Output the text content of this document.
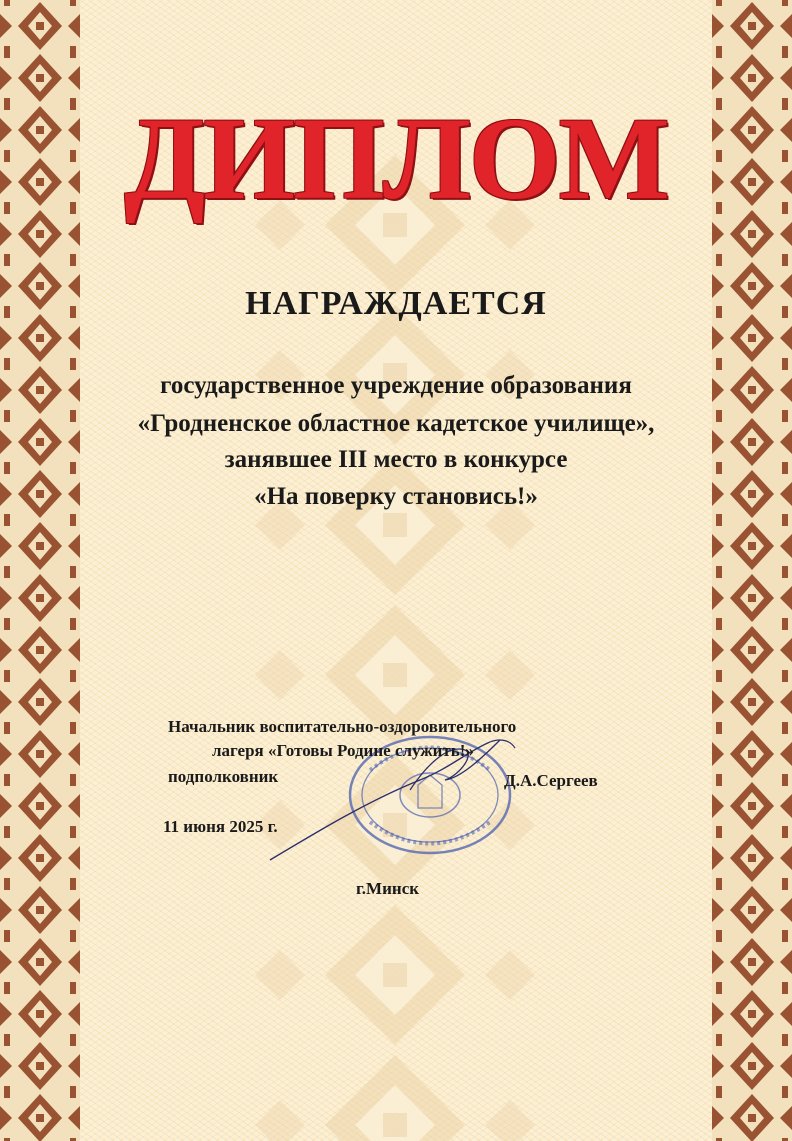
ДИПЛОМ
НАГРАЖДАЕТСЯ
государственное учреждение образования
«Гродненское областное кадетское училище»,
занявшее III место в конкурсе
«На поверку становись!»
Начальник воспитательно-оздоровительного
лагеря «Готовы Родине служить!»
подполковник	Д.А.Сергеев
11 июня 2025 г.
г.Минск
